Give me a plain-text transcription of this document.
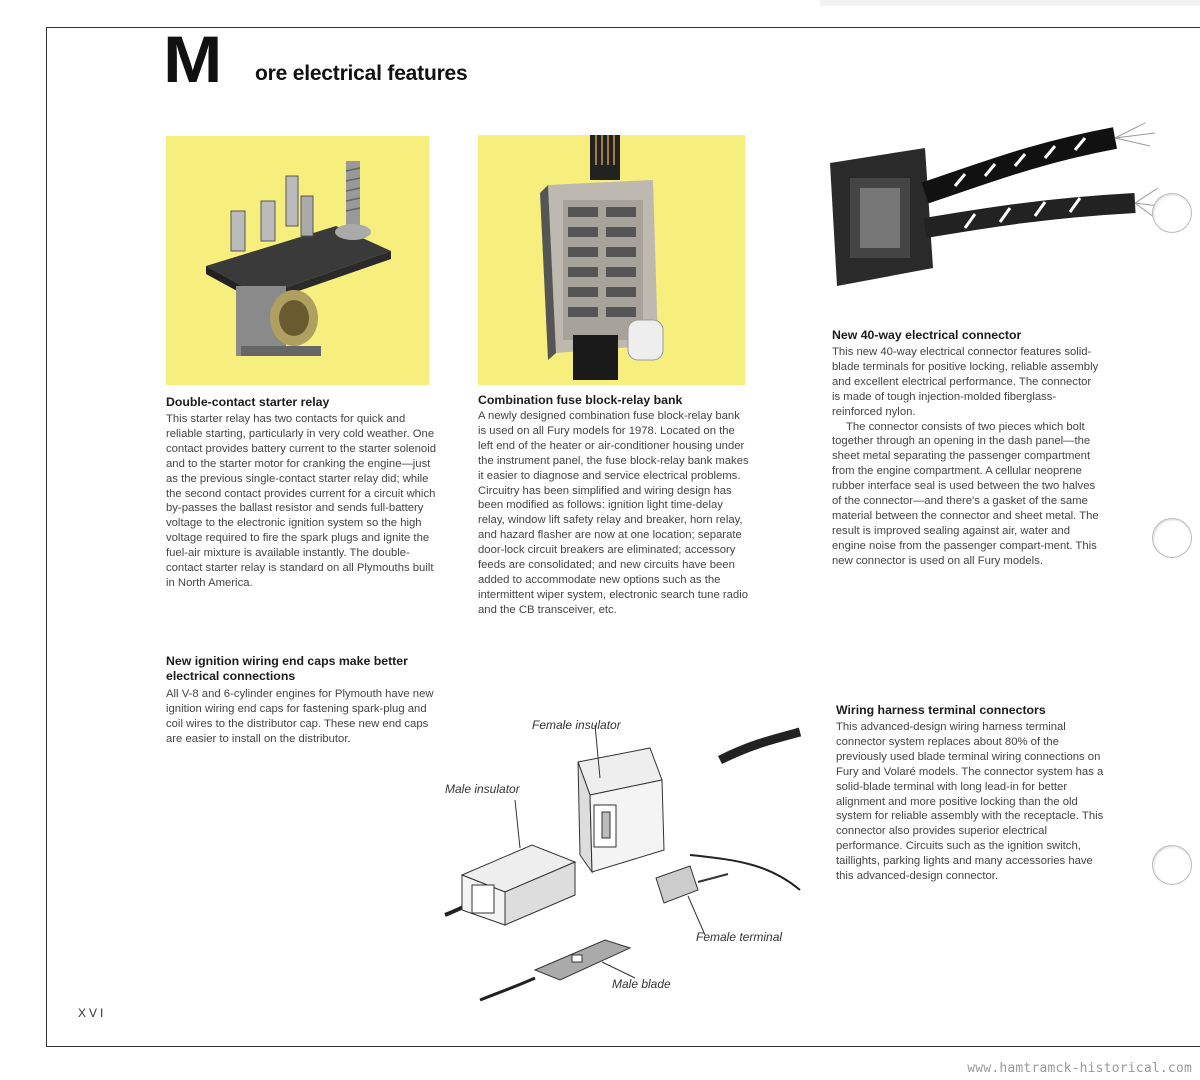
M ore electrical features
Double-contact starter relay
This starter relay has two contacts for quick and reliable starting, particularly in very cold weather. One contact provides battery current to the starter solenoid and to the starter motor for cranking the engine—just as the previous single-contact starter relay did; while the second contact provides current for a circuit which by-passes the ballast resistor and sends full-battery voltage to the electronic ignition system so the high voltage required to fire the spark plugs and ignite the fuel-air mixture is available instantly. The double-contact starter relay is standard on all Plymouths built in North America.
New ignition wiring end caps make better electrical connections
All V-8 and 6-cylinder engines for Plymouth have new ignition wiring end caps for fastening spark-plug and coil wires to the distributor cap. These new end caps are easier to install on the distributor.
Combination fuse block-relay bank
A newly designed combination fuse block-relay bank is used on all Fury models for 1978. Located on the left end of the heater or air-conditioner housing under the instrument panel, the fuse block-relay bank makes it easier to diagnose and service electrical problems. Circuitry has been simplified and wiring design has been modified as follows: ignition light time-delay relay, window lift safety relay and breaker, horn relay, and hazard flasher are now at one location; separate door-lock circuit breakers are eliminated; accessory feeds are consolidated; and new circuits have been added to accommodate new options such as the intermittent wiper system, electronic search tune radio and the CB transceiver, etc.
New 40-way electrical connector

This new 40-way electrical connector features solid-blade terminals for positive locking, reliable assembly and excellent electrical performance. The connector is made of tough injection-molded fiberglass-reinforced nylon.

The connector consists of two pieces which bolt together through an opening in the dash panel—the sheet metal separating the passenger compartment from the engine compartment. A cellular neoprene rubber interface seal is used between the two halves of the connector—and there's a gasket of the same material between the connector and sheet metal. The result is improved sealing against air, water and engine noise from the passenger compart-ment. This new connector is used on all Fury models.

Wiring harness terminal connectors
This advanced-design wiring harness terminal connector system replaces about 80% of the previously used blade terminal wiring connections on Fury and Volaré models. The connector system has a solid-blade terminal with long lead-in for better alignment and more positive locking than the old system for reliable assembly with the receptacle. This connector also provides superior electrical performance. Circuits such as the ignition switch, taillights, parking lights and many accessories have this advanced-design connector.
Female insulator
Male insulator
Female terminal
Male blade
XVI
www.hamtramck-historical.com
